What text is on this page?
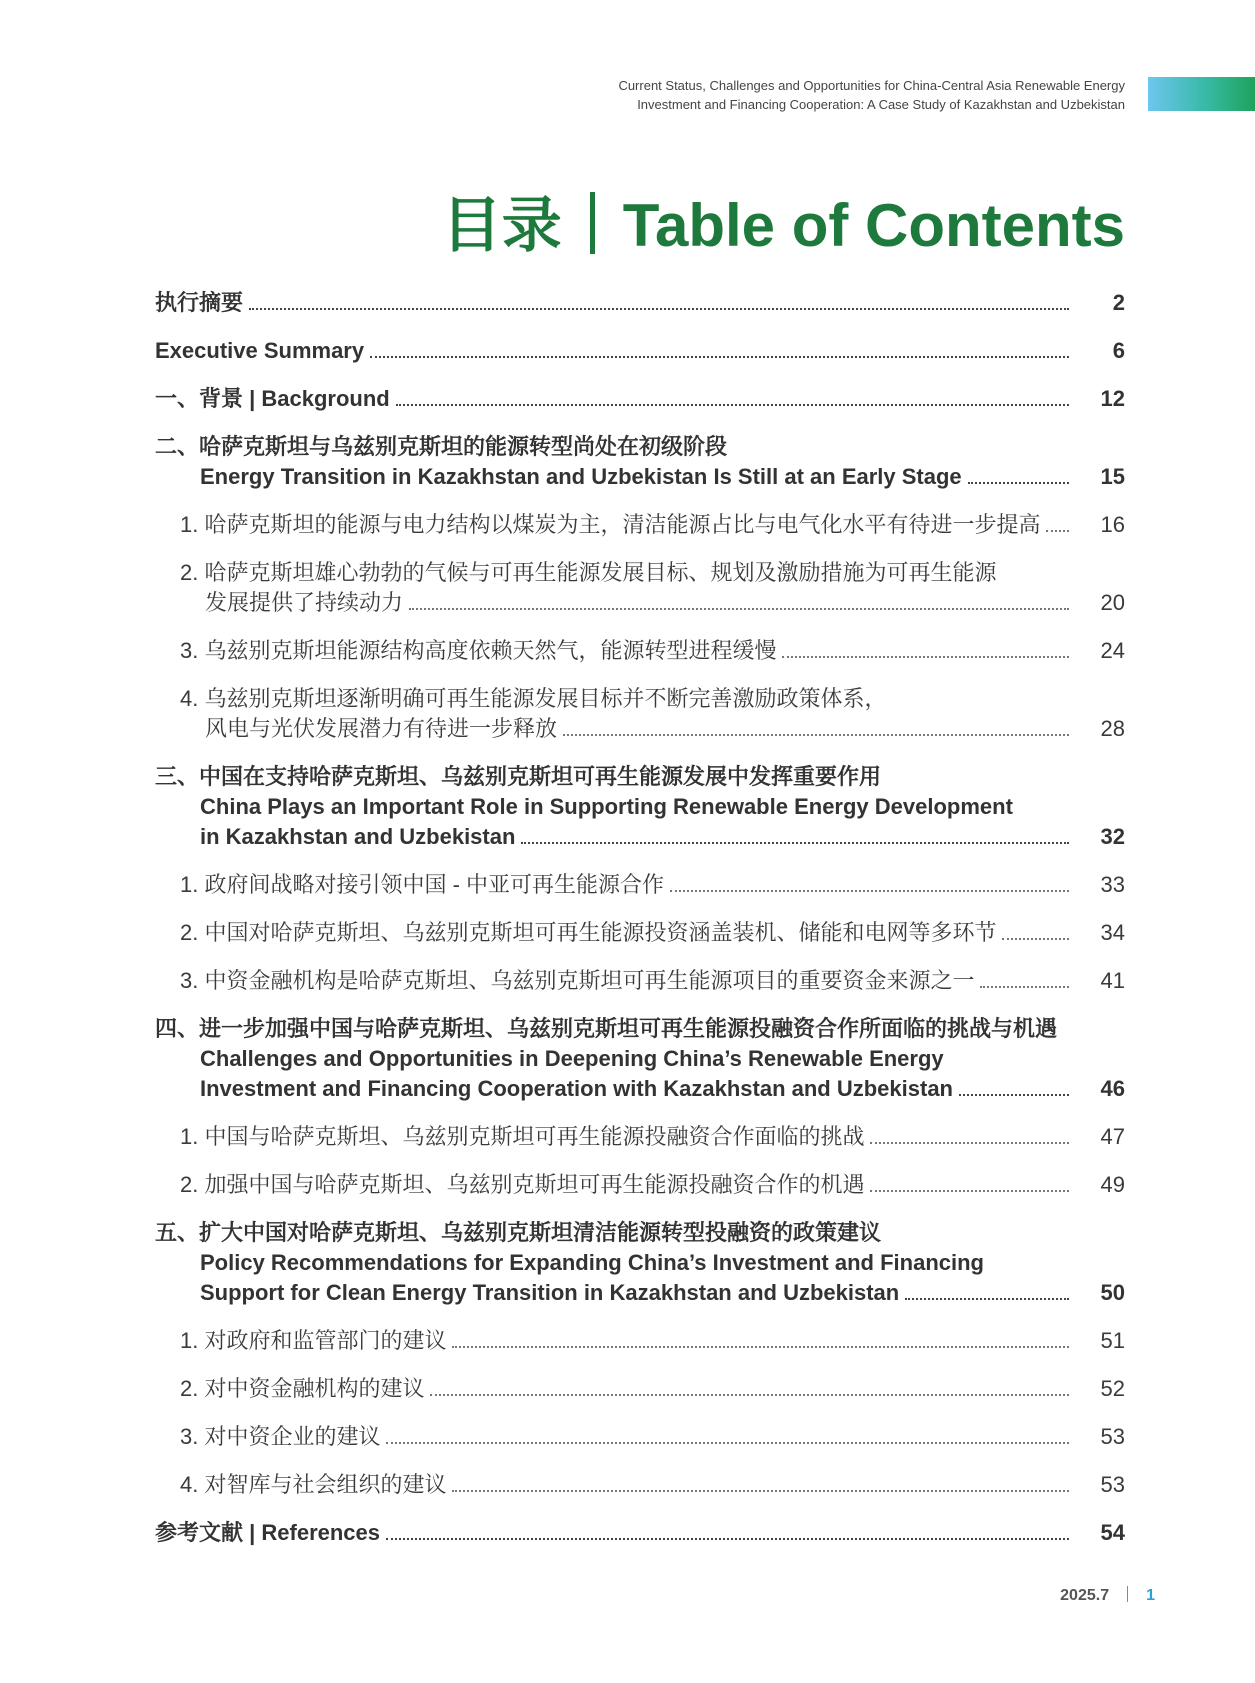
Current Status, Challenges and Opportunities for China-Central Asia Renewable Energy
Investment and Financing Cooperation: A Case Study of Kazakhstan and Uzbekistan
目录 Table of Contents
执行摘要	2
Executive Summary	6
一、背景 | Background	12
二、哈萨克斯坦与乌兹别克斯坦的能源转型尚处在初级阶段
Energy Transition in Kazakhstan and Uzbekistan Is Still at an Early Stage	15
1. 哈萨克斯坦的能源与电力结构以煤炭为主，清洁能源占比与电气化水平有待进一步提高	16
2. 哈萨克斯坦雄心勃勃的气候与可再生能源发展目标、规划及激励措施为可再生能源
发展提供了持续动力	20
3. 乌兹别克斯坦能源结构高度依赖天然气，能源转型进程缓慢	24
4. 乌兹别克斯坦逐渐明确可再生能源发展目标并不断完善激励政策体系，
风电与光伏发展潜力有待进一步释放	28
三、中国在支持哈萨克斯坦、乌兹别克斯坦可再生能源发展中发挥重要作用
China Plays an Important Role in Supporting Renewable Energy Development
in Kazakhstan and Uzbekistan	32
1. 政府间战略对接引领中国 - 中亚可再生能源合作	33
2. 中国对哈萨克斯坦、乌兹别克斯坦可再生能源投资涵盖装机、储能和电网等多环节	34
3. 中资金融机构是哈萨克斯坦、乌兹别克斯坦可再生能源项目的重要资金来源之一	41
四、进一步加强中国与哈萨克斯坦、乌兹别克斯坦可再生能源投融资合作所面临的挑战与机遇
Challenges and Opportunities in Deepening China’s Renewable Energy
Investment and Financing Cooperation with Kazakhstan and Uzbekistan	46
1. 中国与哈萨克斯坦、乌兹别克斯坦可再生能源投融资合作面临的挑战	47
2. 加强中国与哈萨克斯坦、乌兹别克斯坦可再生能源投融资合作的机遇	49
五、扩大中国对哈萨克斯坦、乌兹别克斯坦清洁能源转型投融资的政策建议
Policy Recommendations for Expanding China’s Investment and Financing
Support for Clean Energy Transition in Kazakhstan and Uzbekistan	50
1. 对政府和监管部门的建议	51
2. 对中资金融机构的建议	52
3. 对中资企业的建议	53
4. 对智库与社会组织的建议	53
参考文献 | References	54
2025.7 1
